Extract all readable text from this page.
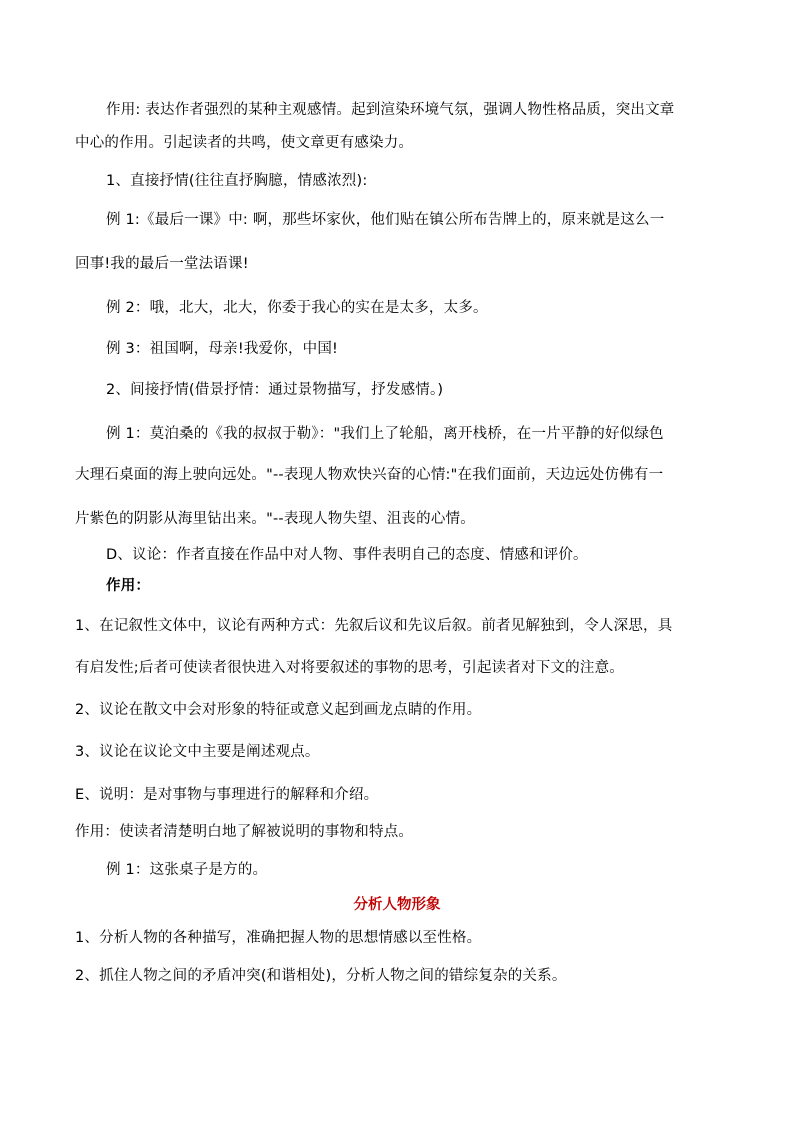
作用: 表达作者强烈的某种主观感情。起到渲染环境气氛，强调人物性格品质，突出文章
中心的作用。引起读者的共鸣，使文章更有感染力。
1、直接抒情(往往直抒胸臆，情感浓烈):
例 1:《最后一课》中: 啊，那些坏家伙，他们贴在镇公所布告牌上的，原来就是这么一
回事!我的最后一堂法语课!
例 2：哦，北大，北大，你委于我心的实在是太多，太多。
例 3：祖国啊，母亲!我爱你，中国!
2、间接抒情(借景抒情：通过景物描写，抒发感情。)
例 1：莫泊桑的《我的叔叔于勒》："我们上了轮船，离开栈桥，在一片平静的好似绿色
大理石桌面的海上驶向远处。"--表现人物欢快兴奋的心情:"在我们面前，天边远处仿佛有一
片紫色的阴影从海里钻出来。"--表现人物失望、沮丧的心情。
D、议论：作者直接在作品中对人物、事件表明自己的态度、情感和评价。
作用：
1、在记叙性文体中，议论有两种方式：先叙后议和先议后叙。前者见解独到，令人深思，具
有启发性;后者可使读者很快进入对将要叙述的事物的思考，引起读者对下文的注意。
2、议论在散文中会对形象的特征或意义起到画龙点睛的作用。
3、议论在议论文中主要是阐述观点。
E、说明：是对事物与事理进行的解释和介绍。
作用：使读者清楚明白地了解被说明的事物和特点。
例 1：这张桌子是方的。
分析人物形象
1、分析人物的各种描写，准确把握人物的思想情感以至性格。
2、抓住人物之间的矛盾冲突(和谐相处)，分析人物之间的错综复杂的关系。
